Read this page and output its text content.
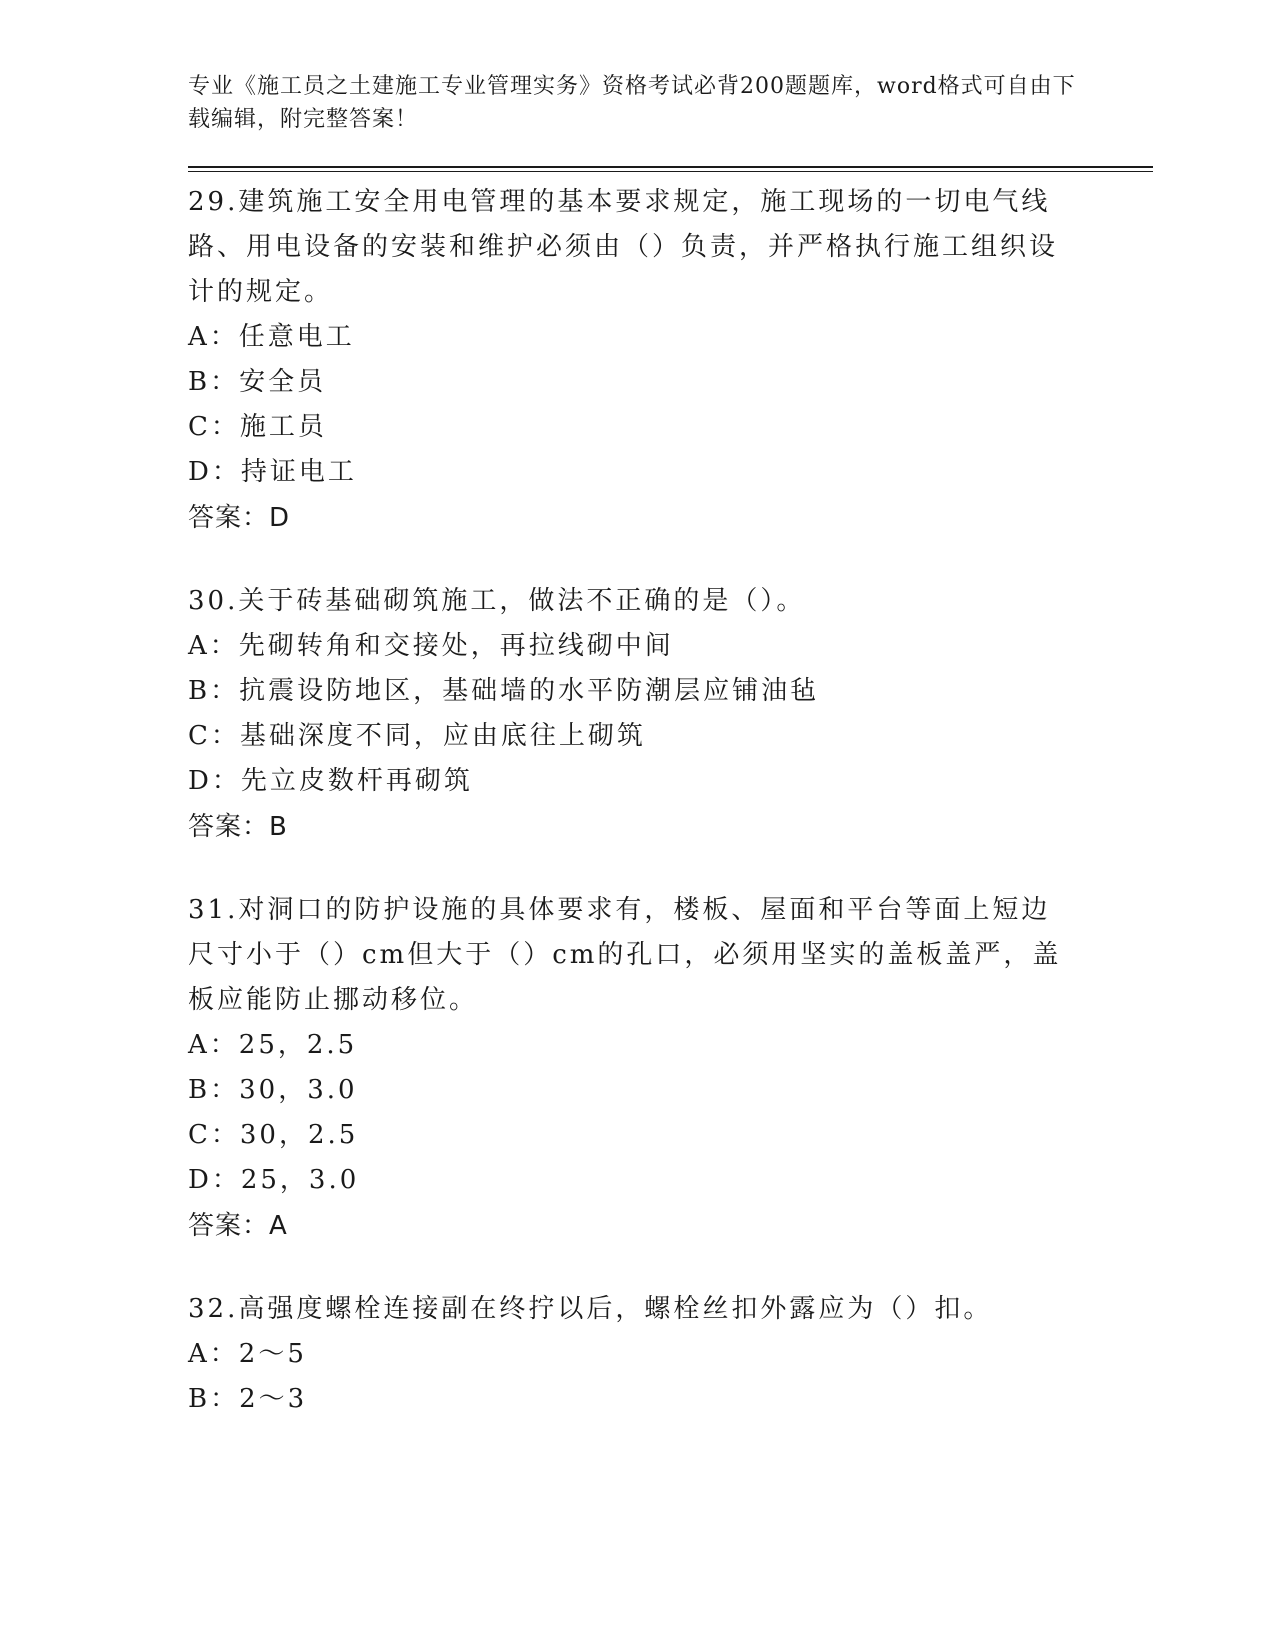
专业《施工员之土建施工专业管理实务》资格考试必背200题题库，word格式可自由下载编辑，附完整答案！
29.建筑施工安全用电管理的基本要求规定，施工现场的一切电气线路、用电设备的安装和维护必须由（）负责，并严格执行施工组织设计的规定。
A：任意电工
B：安全员
C：施工员
D：持证电工
答案：D
30.关于砖基础砌筑施工，做法不正确的是（）。
A：先砌转角和交接处，再拉线砌中间
B：抗震设防地区，基础墙的水平防潮层应铺油毡
C：基础深度不同，应由底往上砌筑
D：先立皮数杆再砌筑
答案：B
31.对洞口的防护设施的具体要求有，楼板、屋面和平台等面上短边尺寸小于（）cm但大于（）cm的孔口，必须用坚实的盖板盖严，盖板应能防止挪动移位。
A：25，2.5
B：30，3.0
C：30，2.5
D：25，3.0
答案：A
32.高强度螺栓连接副在终拧以后，螺栓丝扣外露应为（）扣。
A：2～5
B：2～3
